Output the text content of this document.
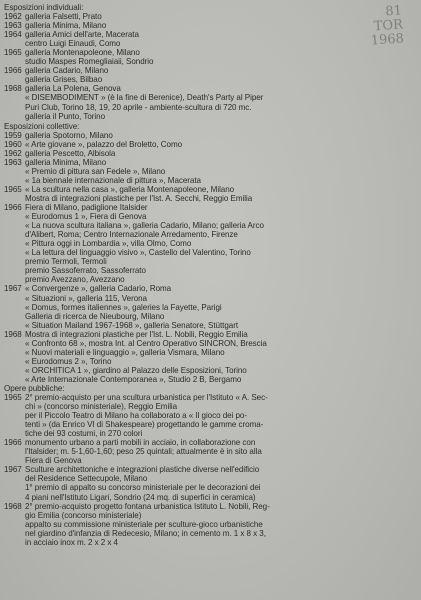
81
TOR
1968
Esposizioni individuali:
1962 galleria Falsetti, Prato
1963 galleria Minima, Milano
1964 galleria Amici dell'arte, Macerata
centro Luigi Einaudi, Como
1965 galleria Montenapoleone, Milano
studio Maspes Romegliaiaii, Sondrio
1966 galleria Cadario, Milano
galleria Grises, Bilbao
1968 galleria La Polena, Genova
« DISEMBODIMENT » (è la fine di Berenice), Death's Party al Piper
Puri Club, Torino 18, 19, 20 aprile - ambiente-scultura di 720 mc.
galleria il Punto, Torino
Esposizioni collettive:
1959 galleria Spotorno, Milano
1960 « Arte giovane », palazzo del Broletto, Como
1962 galleria Pescetto, Albisola
1963 galleria Minima, Milano
« Premio di pittura san Fedele », Milano
« 1a biennale internazionale di pittura », Macerata
1965 « La scultura nella casa », galleria Montenapoleone, Milano
Mostra di integrazioni plastiche per l'Ist. A. Secchi, Reggio Emilia
1966 Fiera di Milano, padiglione Italsider
« Eurodomus 1 », Fiera di Genova
« La nuova scultura italiana », galleria Cadario, Milano; galleria Arco
d'Alibert, Roma; Centro Internazionale Arredamento, Firenze
« Pittura oggi in Lombardia », villa Olmo, Como
« La lettura del linguaggio visivo », Castello del Valentino, Torino
premio Termoli, Termoli
premio Sassoferrato, Sassoferrato
premio Avezzano, Avezzano
1967 « Convergenze », galleria Cadario, Roma
« Situazioni », galleria 115, Verona
« Domus, formes italiennes », galeries la Fayette, Parigi
Galleria di ricerca de Nieubourg, Milano
« Situation Mailand 1967-1968 », galleria Senatore, Stüttgart
1968 Mostra di integrazioni plastiche per l'Ist. L. Nobili, Reggio Emilia
« Confronto 68 », mostra Int. al Centro Operativo SINCRON, Brescia
« Nuovi materiali e linguaggio », galleria Vismara, Milano
« Eurodomus 2 », Torino
« ORCHITICA 1 », giardino al Palazzo delle Esposizioni, Torino
« Arte Internazionale Contemporanea », Studio 2 B, Bergamo
Opere pubbliche:
1965 2° premio-acquisto per una scultura urbanistica per l'Istituto « A. Sec-
chi » (concorso ministeriale), Reggio Emilia
per il Piccolo Teatro di Milano ha collaborato a « Il gioco dei po-
tenti » (da Enrico VI di Shakespeare) progettando le gamme croma-
tiche dei 93 costumi, in 270 colori
1966 monumento urbano a parti mobili in acciaio, in collaborazione con
l'Italsider; m. 5-1,60-1,60; peso 25 quintali; attualmente è in sito alla
Fiera di Genova
1967 Sculture architettoniche e integrazioni plastiche diverse nell'edificio
del Residence Settecupole, Milano
1° premio di appalto su concorso ministeriale per le decorazioni dei
4 piani nell'Istituto Ligari, Sondrio (24 mq. di superfici in ceramica)
1968 2° premio-acquisto progetto fontana urbanistica Istituto L. Nobili, Reg-
gio Emilia (concorso ministeriale)
appalto su commissione ministeriale per sculture-gioco urbanistiche
nel giardino d'infanzia di Redecesio, Milano; in cemento m. 1 x 8 x 3,
in acciaio inox m. 2 x 2 x 4
